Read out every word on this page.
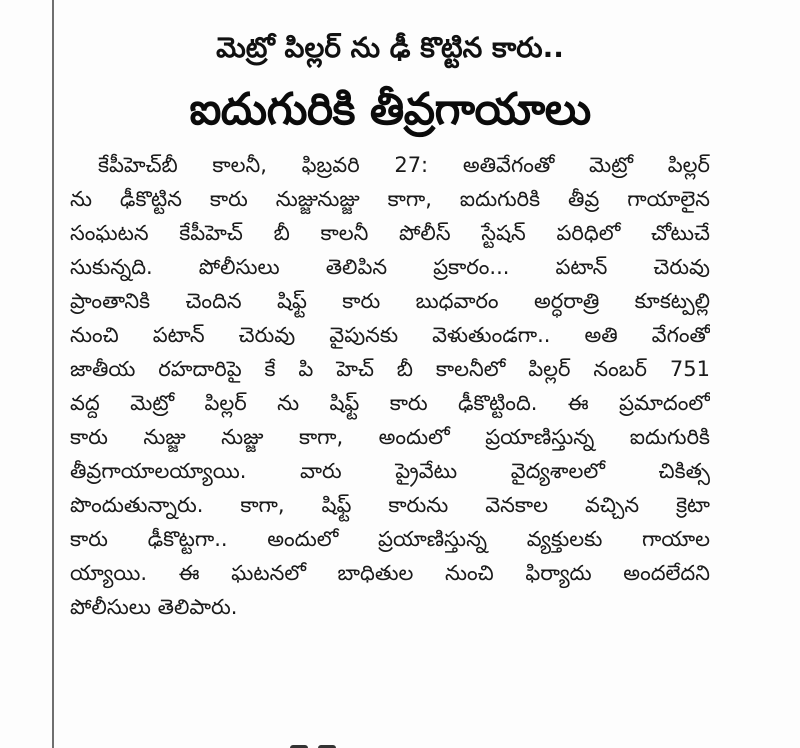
మెట్రో పిల్లర్ ను ఢీ కొట్టిన కారు..
ఐదుగురికి తీవ్రగాయాలు
కేపీహెచ్‌బీ కాలనీ, ఫిబ్రవరి 27: అతివేగంతో మెట్రో పిల్లర్
ను ఢీకొట్టిన కారు నుజ్జునుజ్జు కాగా, ఐదుగురికి తీవ్ర గాయాలైన
సంఘటన కేపీహెచ్ బీ కాలనీ పోలీస్ స్టేషన్ పరిధిలో చోటుచే
సుకున్నది. పోలీసులు తెలిపిన ప్రకారం... పటాన్ చెరువు
ప్రాంతానికి చెందిన షిఫ్ట్ కారు బుధవారం అర్ధరాత్రి కూకట్పల్లి
నుంచి పటాన్ చెరువు వైపునకు వెళుతుండగా.. అతి వేగంతో
జాతీయ రహదారిపై కే పి హెచ్ బీ కాలనీలో పిల్లర్ నంబర్ 751
వద్ద మెట్రో పిల్లర్ ను షిఫ్ట్ కారు ఢీకొట్టింది. ఈ ప్రమాదంలో
కారు నుజ్జు నుజ్జు కాగా, అందులో ప్రయాణిస్తున్న ఐదుగురికి
తీవ్రగాయాలయ్యాయి. వారు ప్రైవేటు వైద్యశాలలో చికిత్స
పొందుతున్నారు. కాగా, షిఫ్ట్ కారును వెనకాల వచ్చిన క్రెటా
కారు ఢీకొట్టగా.. అందులో ప్రయాణిస్తున్న వ్యక్తులకు గాయాల
య్యాయి. ఈ ఘటనలో బాధితుల నుంచి ఫిర్యాదు అందలేదని
పోలీసులు తెలిపారు.
